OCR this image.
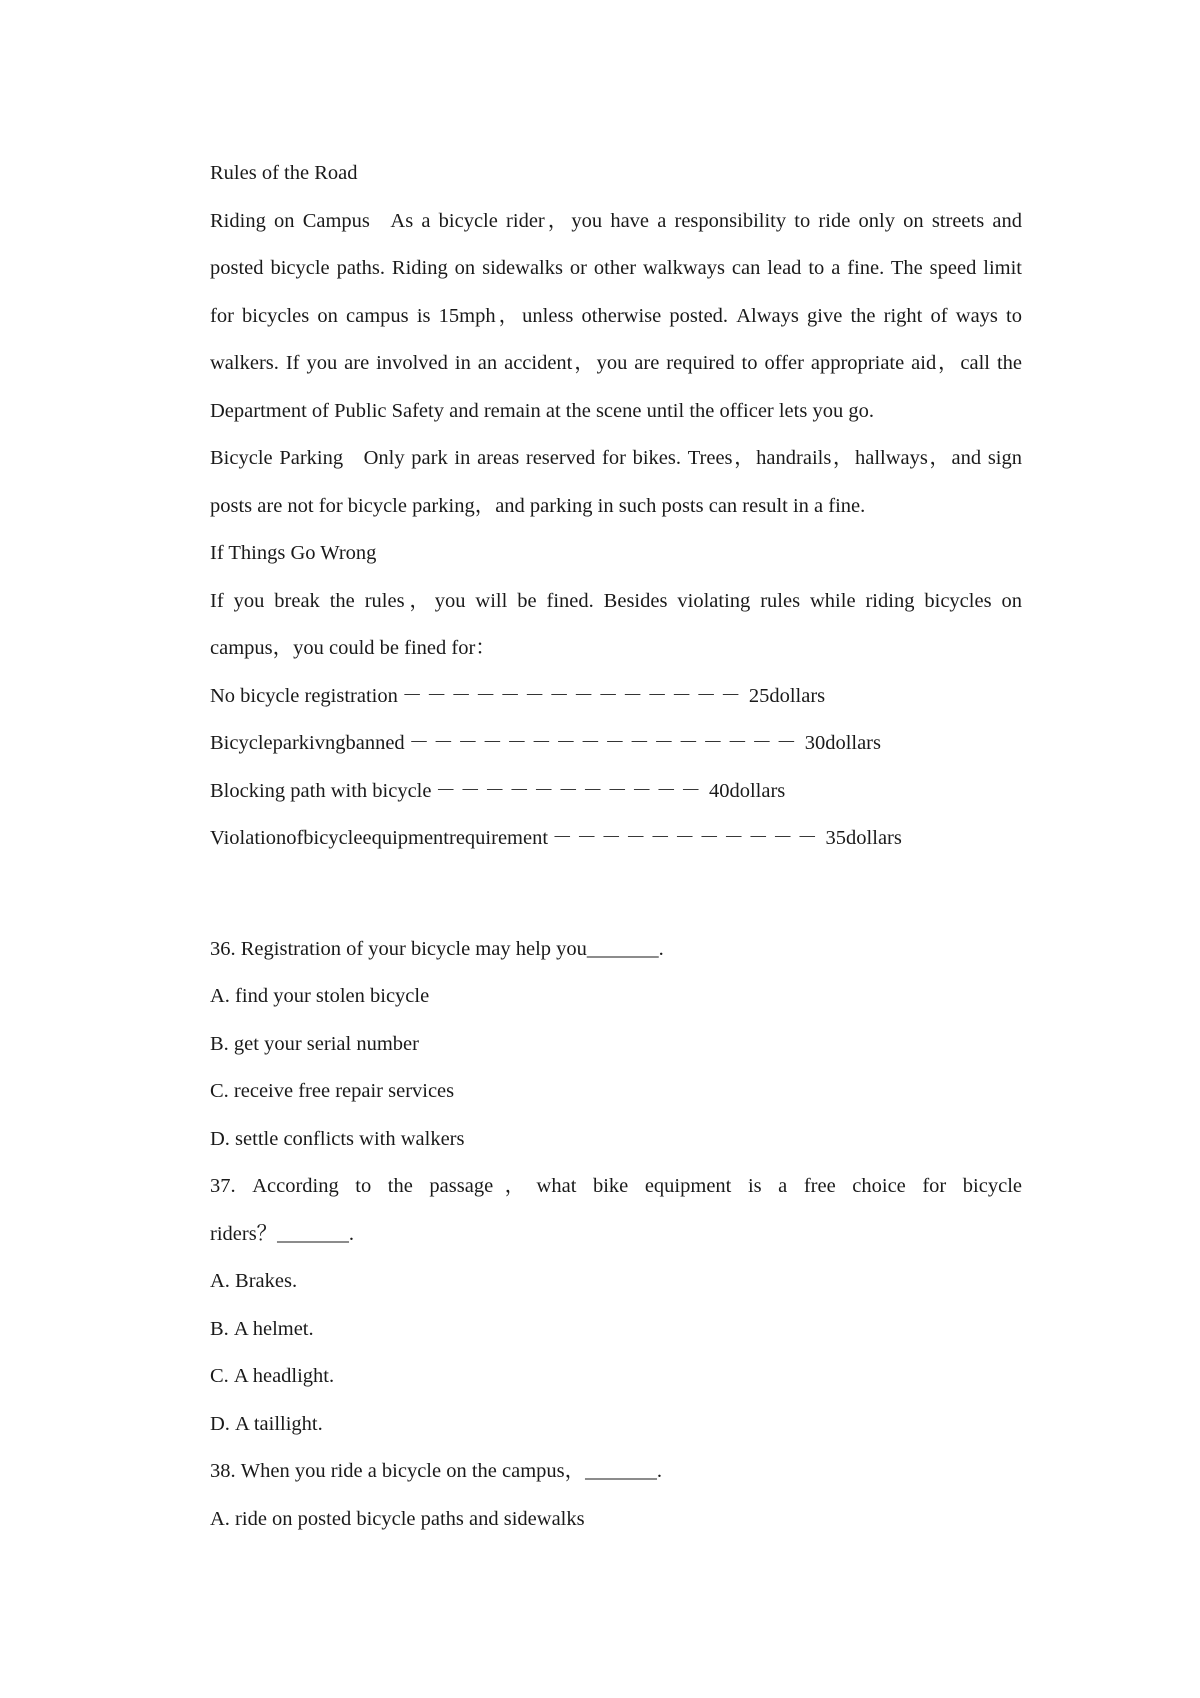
Rules of the Road
Riding on Campus As a bicycle rider，you have a responsibility to ride only on streets and
posted bicycle paths. Riding on sidewalks or other walkways can lead to a fine. The speed limit
for bicycles on campus is 15mph，unless otherwise posted. Always give the right of ways to
walkers. If you are involved in an accident，you are required to offer appropriate aid，call the
Department of Public Safety and remain at the scene until the officer lets you go.
Bicycle Parking Only park in areas reserved for bikes. Trees，handrails，hallways，and sign
posts are not for bicycle parking，and parking in such posts can result in a fine.
If Things Go Wrong
If you break the rules，you will be fined. Besides violating rules while riding bicycles on
campus，you could be fined for：
No bicycle registration －－－－－－－－－－－－－－ 25dollars
Bicycleparkivngbanned －－－－－－－－－－－－－－－－ 30dollars
Blocking path with bicycle －－－－－－－－－－－ 40dollars
Violationofbicycleequipmentrequirement －－－－－－－－－－－ 35dollars
36. Registration of your bicycle may help you_______.
A. find your stolen bicycle
B. get your serial number
C. receive free repair services
D. settle conflicts with walkers
37. According to the passage，what bike equipment is a free choice for bicycle
riders？_______.
A. Brakes.
B. A helmet.
C. A headlight.
D. A taillight.
38. When you ride a bicycle on the campus，_______.
A. ride on posted bicycle paths and sidewalks
